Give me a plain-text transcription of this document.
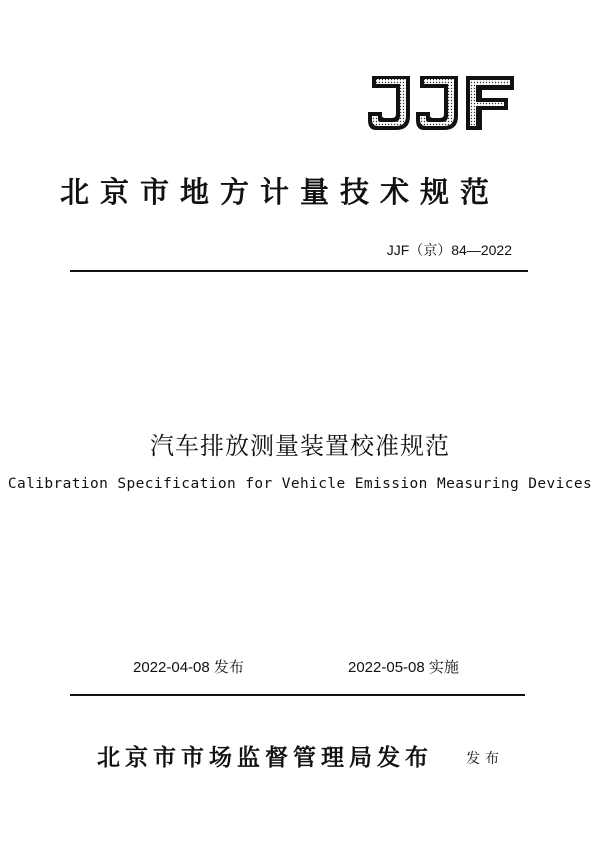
北京市地方计量技术规范
JJF（京）84—2022
汽车排放测量装置校准规范
Calibration Specification for Vehicle Emission Measuring Devices
2022-04-08 发布	2022-05-08 实施
北京市市场监督管理局发布 发布
